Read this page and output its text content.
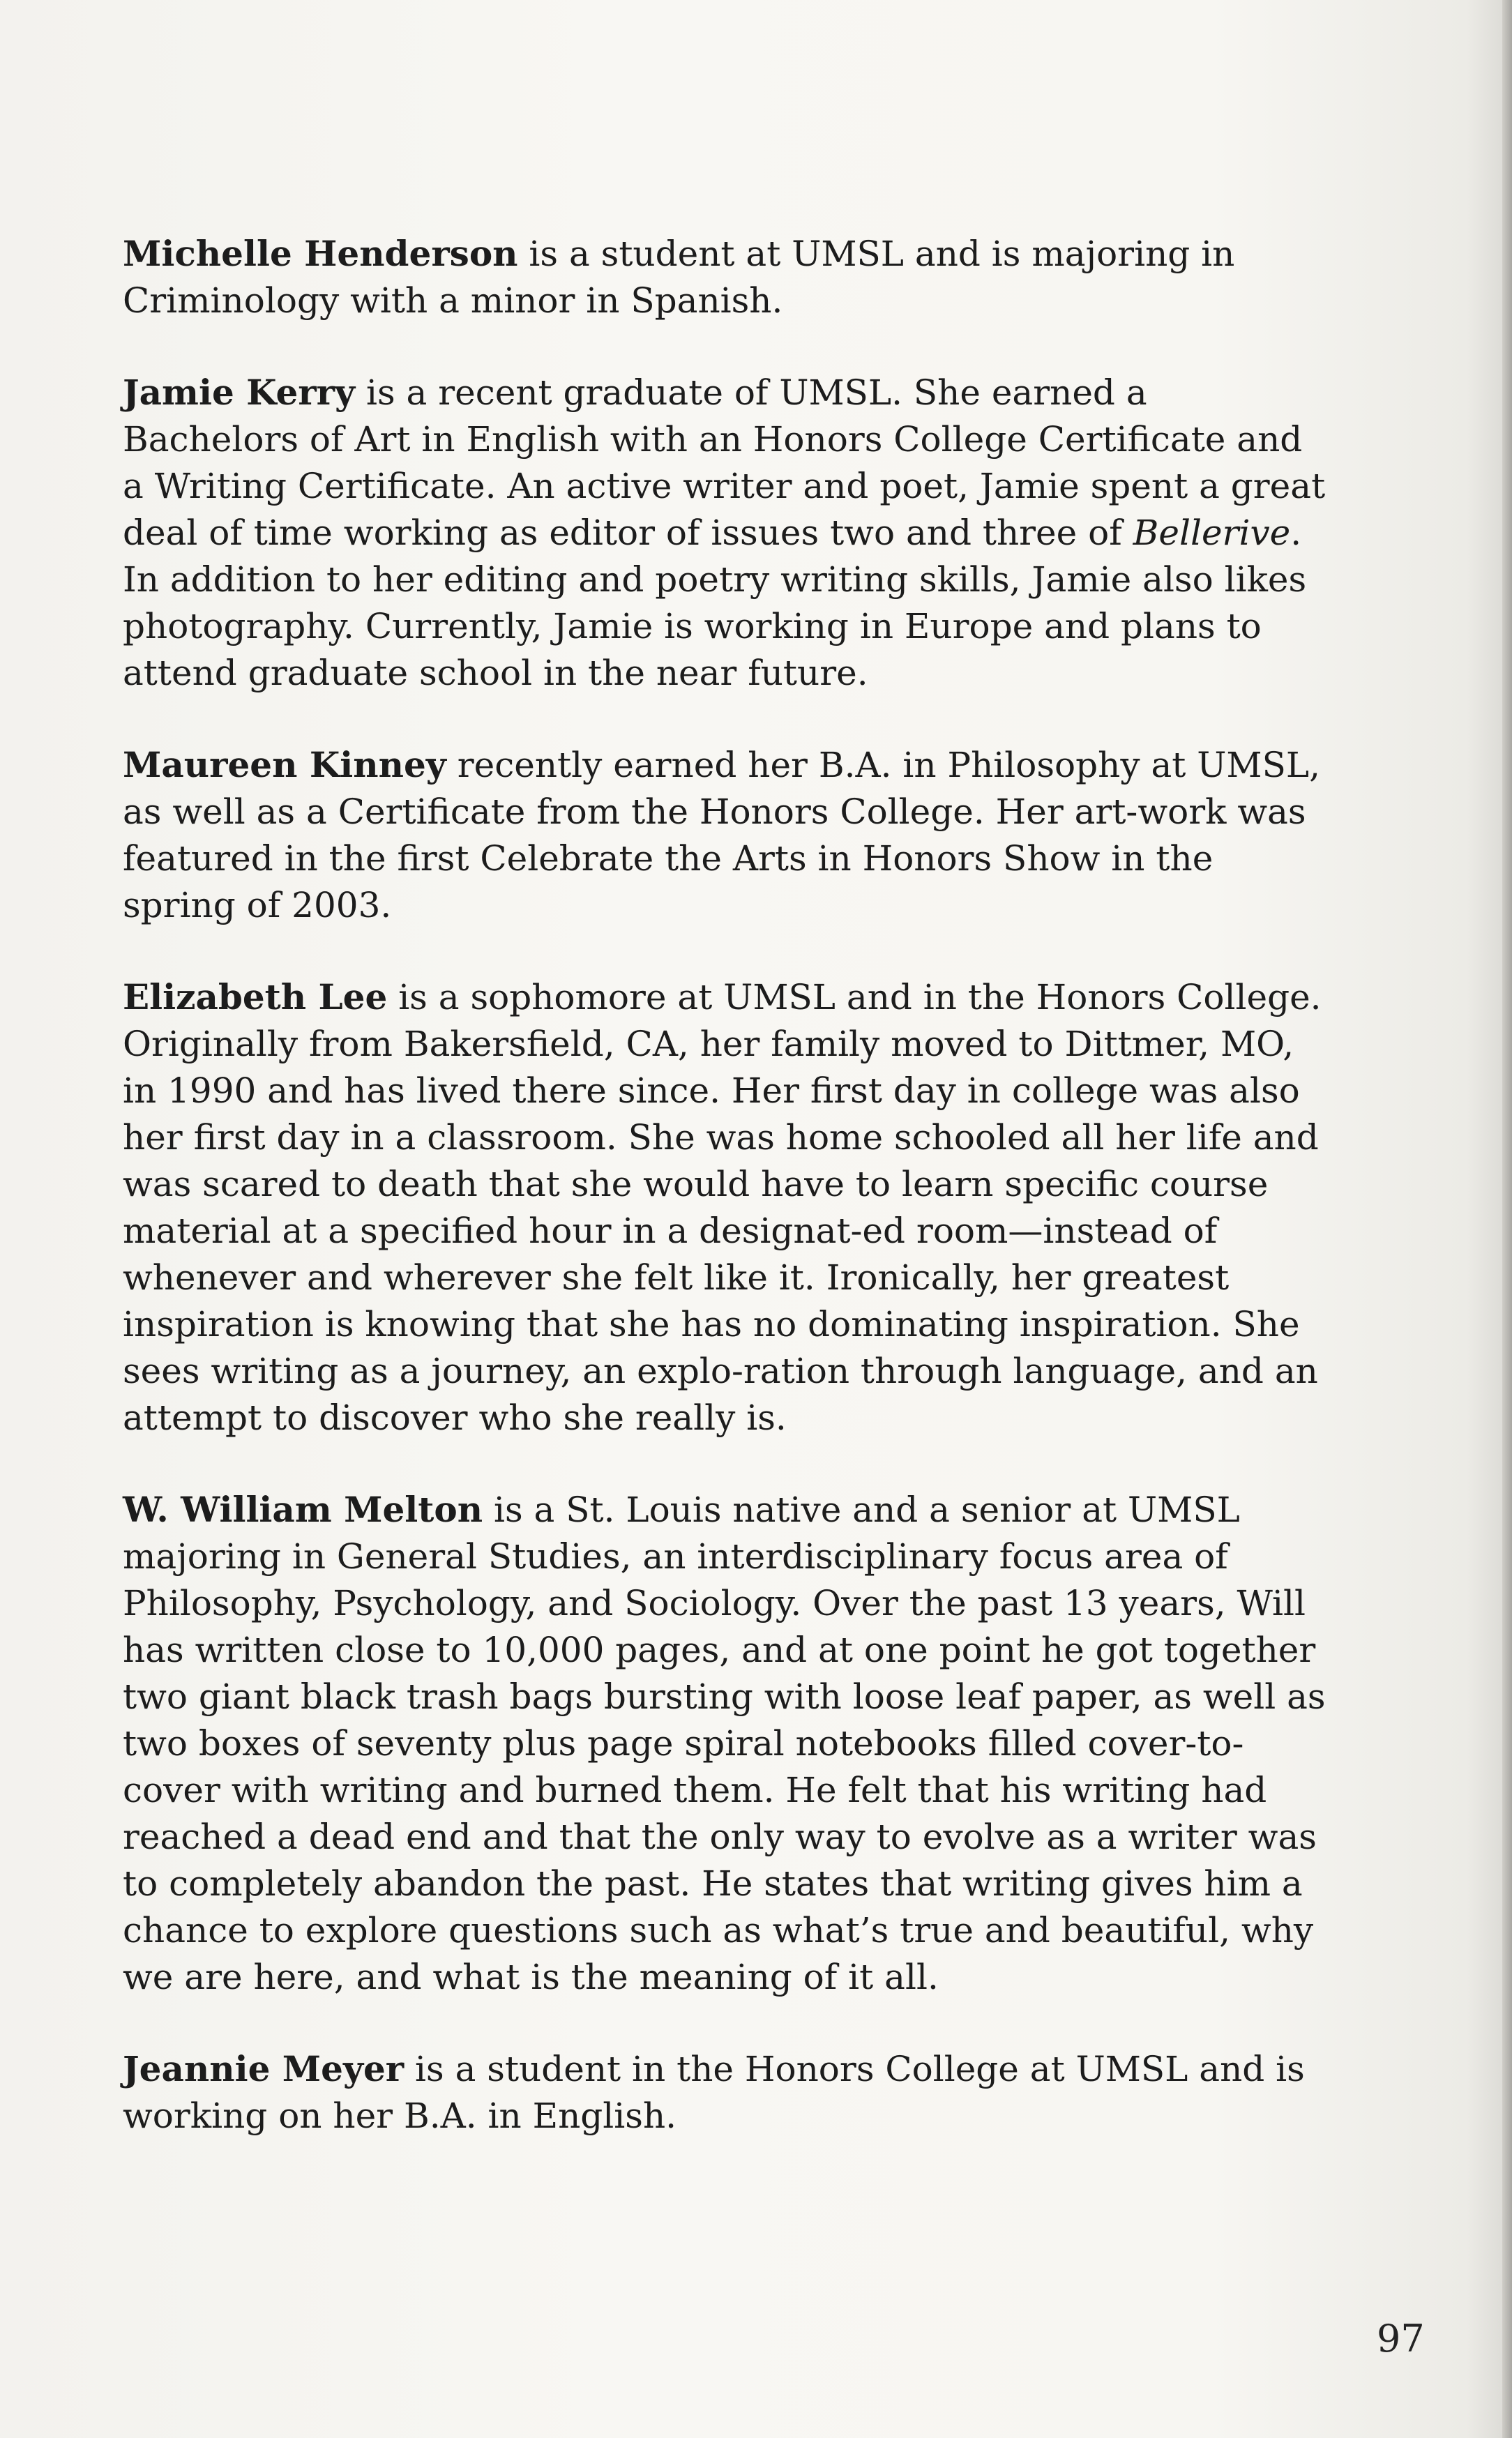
Michelle Henderson is a student at UMSL and is majoring in Criminology with a minor in Spanish.

Jamie Kerry is a recent graduate of UMSL. She earned a Bachelors of Art in English with an Honors College Certificate and a Writing Certificate. An active writer and poet, Jamie spent a great deal of time working as editor of issues two and three of Bellerive. In addition to her editing and poetry writing skills, Jamie also likes photography. Currently, Jamie is working in Europe and plans to attend graduate school in the near future.

Maureen Kinney recently earned her B.A. in Philosophy at UMSL, as well as a Certificate from the Honors College. Her art-work was featured in the first Celebrate the Arts in Honors Show in the spring of 2003.

Elizabeth Lee is a sophomore at UMSL and in the Honors College. Originally from Bakersfield, CA, her family moved to Dittmer, MO, in 1990 and has lived there since. Her first day in college was also her first day in a classroom. She was home schooled all her life and was scared to death that she would have to learn specific course material at a specified hour in a designat-ed room—instead of whenever and wherever she felt like it. Ironically, her greatest inspiration is knowing that she has no dominating inspiration. She sees writing as a journey, an explo-ration through language, and an attempt to discover who she really is.

W. William Melton is a St. Louis native and a senior at UMSL majoring in General Studies, an interdisciplinary focus area of Philosophy, Psychology, and Sociology. Over the past 13 years, Will has written close to 10,000 pages, and at one point he got together two giant black trash bags bursting with loose leaf paper, as well as two boxes of seventy plus page spiral notebooks filled cover-to-cover with writing and burned them. He felt that his writing had reached a dead end and that the only way to evolve as a writer was to completely abandon the past. He states that writing gives him a chance to explore questions such as what’s true and beautiful, why we are here, and what is the meaning of it all.

Jeannie Meyer is a student in the Honors College at UMSL and is working on her B.A. in English.

97
